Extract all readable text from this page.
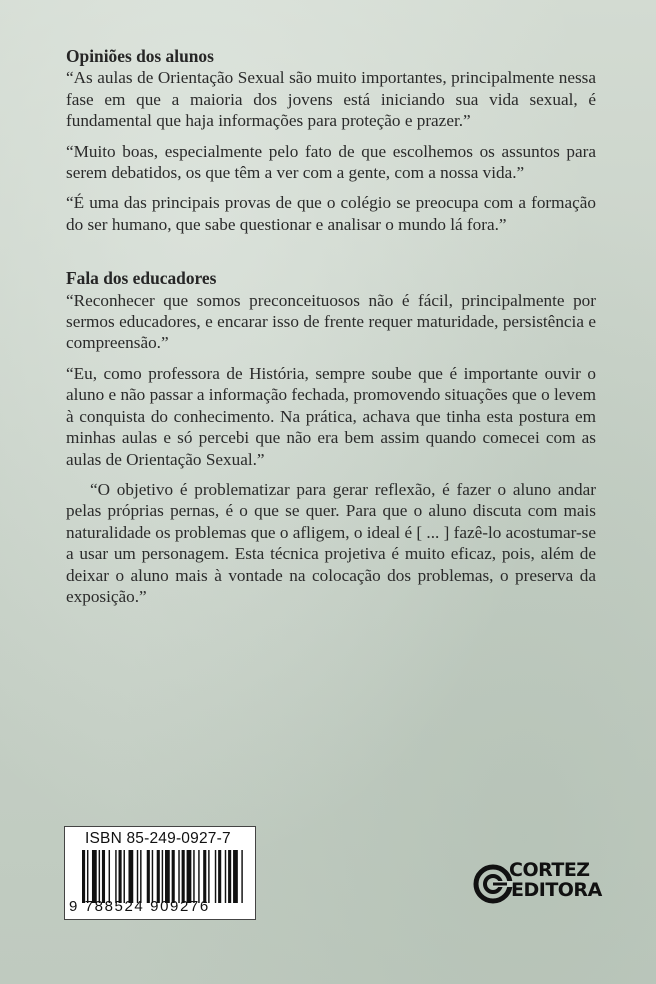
Opiniões dos alunos

“As aulas de Orientação Sexual são muito importantes, principalmente nessa fase em que a maioria dos jovens está iniciando sua vida sexual, é fundamental que haja informações para proteção e prazer.”

“Muito boas, especialmente pelo fato de que escolhemos os assuntos para serem debatidos, os que têm a ver com a gente, com a nossa vida.”

“É uma das principais provas de que o colégio se preocupa com a formação do ser humano, que sabe questionar e analisar o mundo lá fora.”

Fala dos educadores

“Reconhecer que somos preconceituosos não é fácil, principalmente por sermos educadores, e encarar isso de frente requer maturidade, persistência e compreensão.”

“Eu, como professora de História, sempre soube que é importante ouvir o aluno e não passar a informação fechada, promovendo situações que o levem à conquista do conhecimento. Na prática, achava que tinha esta postura em minhas aulas e só percebi que não era bem assim quando comecei com as aulas de Orientação Sexual.”

“O objetivo é problematizar para gerar reflexão, é fazer o aluno andar pelas próprias pernas, é o que se quer. Para que o aluno discuta com mais naturalidade os problemas que o afligem, o ideal é [ ... ] fazê-lo acostumar-se a usar um personagem. Esta técnica projetiva é muito eficaz, pois, além de deixar o aluno mais à vontade na colocação dos problemas, o preserva da exposição.”

ISBN 85-249-0927-7
9 788524 909276
CORTEZ
EDITORA
